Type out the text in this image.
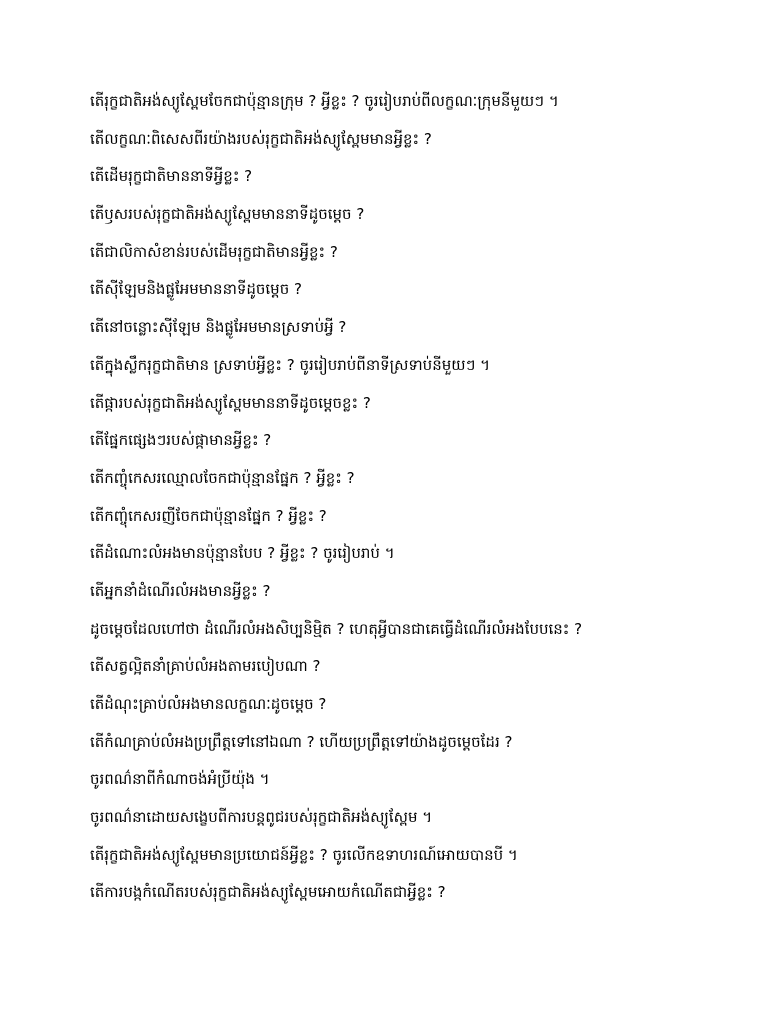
តើរុក្ខជាតិអង់ស្យូស្ពែមចែកជាប៉ុន្មានក្រុម ? អ្វីខ្លះ ? ចូររៀបរាប់ពីលក្ខណៈក្រុមនីមួយៗ ។
តើលក្ខណៈពិសេសពីរយ៉ាងរបស់រុក្ខជាតិអង់ស្យូស្ពែមមានអ្វីខ្លះ ?
តើដើមរុក្ខជាតិមាននាទីអ្វីខ្លះ ?
តើឫសរបស់រុក្ខជាតិអង់ស្យូស្ពែមមាននាទីដូចម្តេច ?
តើជាលិកាសំខាន់របស់ដើមរុក្ខជាតិមានអ្វីខ្លះ ?
តើស៊ីឡែមនិងផ្លូអែមមាននាទីដូចម្តេច ?
តើនៅចន្លោះស៊ីឡែម និងផ្លូអែមមានស្រទាប់អ្វី ?
តើក្នុងស្លឹករុក្ខជាតិមាន ស្រទាប់អ្វីខ្លះ ? ចូររៀបរាប់ពីនាទីស្រទាប់នីមួយៗ ។
តើផ្ការបស់រុក្ខជាតិអង់ស្យូស្ពែមមាននាទីដូចម្តេចខ្លះ ?
តើផ្នែកផ្សេងៗរបស់ផ្កាមានអ្វីខ្លះ ?
តើកញ្ចុំកេសរឈ្មោលចែកជាប៉ុន្មានផ្នែក ? អ្វីខ្លះ ?
តើកញ្ចុំកេសរញីចែកជាប៉ុន្មានផ្នែក ? អ្វីខ្លះ ?
តើដំណោះលំអងមានប៉ុន្មានបែប ? អ្វីខ្លះ ? ចូររៀបរាប់ ។
តើអ្នកនាំដំណើរលំអងមានអ្វីខ្លះ ?
ដូចម្តេចដែលហៅថា ដំណើរលំអងសិប្បនិម្មិត ? ហេតុអ្វីបានជាគេធ្វើដំណើរលំអងបែបនេះ ?
តើសត្វល្អិតនាំគ្រាប់លំអងតាមរបៀបណា ?
តើដំណុះគ្រាប់លំអងមានលក្ខណៈដូចម្តេច ?
តើកំណគ្រាប់លំអងប្រព្រឹត្តទៅនៅឯណា ? ហើយប្រព្រឹត្តទៅយ៉ាងដូចម្តេចដែរ ?
ចូរពណ៌នាពីកំណាចង់អំប្រីយ៉ុង ។
ចូរពណ៌នាដោយសង្ខេបពីការបន្តពូជរបស់រុក្ខជាតិអង់ស្យូស្ពែម ។
តើរុក្ខជាតិអង់ស្យូស្ពែមមានប្រយោជន៍អ្វីខ្លះ ? ចូរលើកឧទាហរណ៍អោយបានបី ។
តើការបង្កកំណើតរបស់រុក្ខជាតិអង់ស្យូស្ពែមអោយកំណើតជាអ្វីខ្លះ ?
